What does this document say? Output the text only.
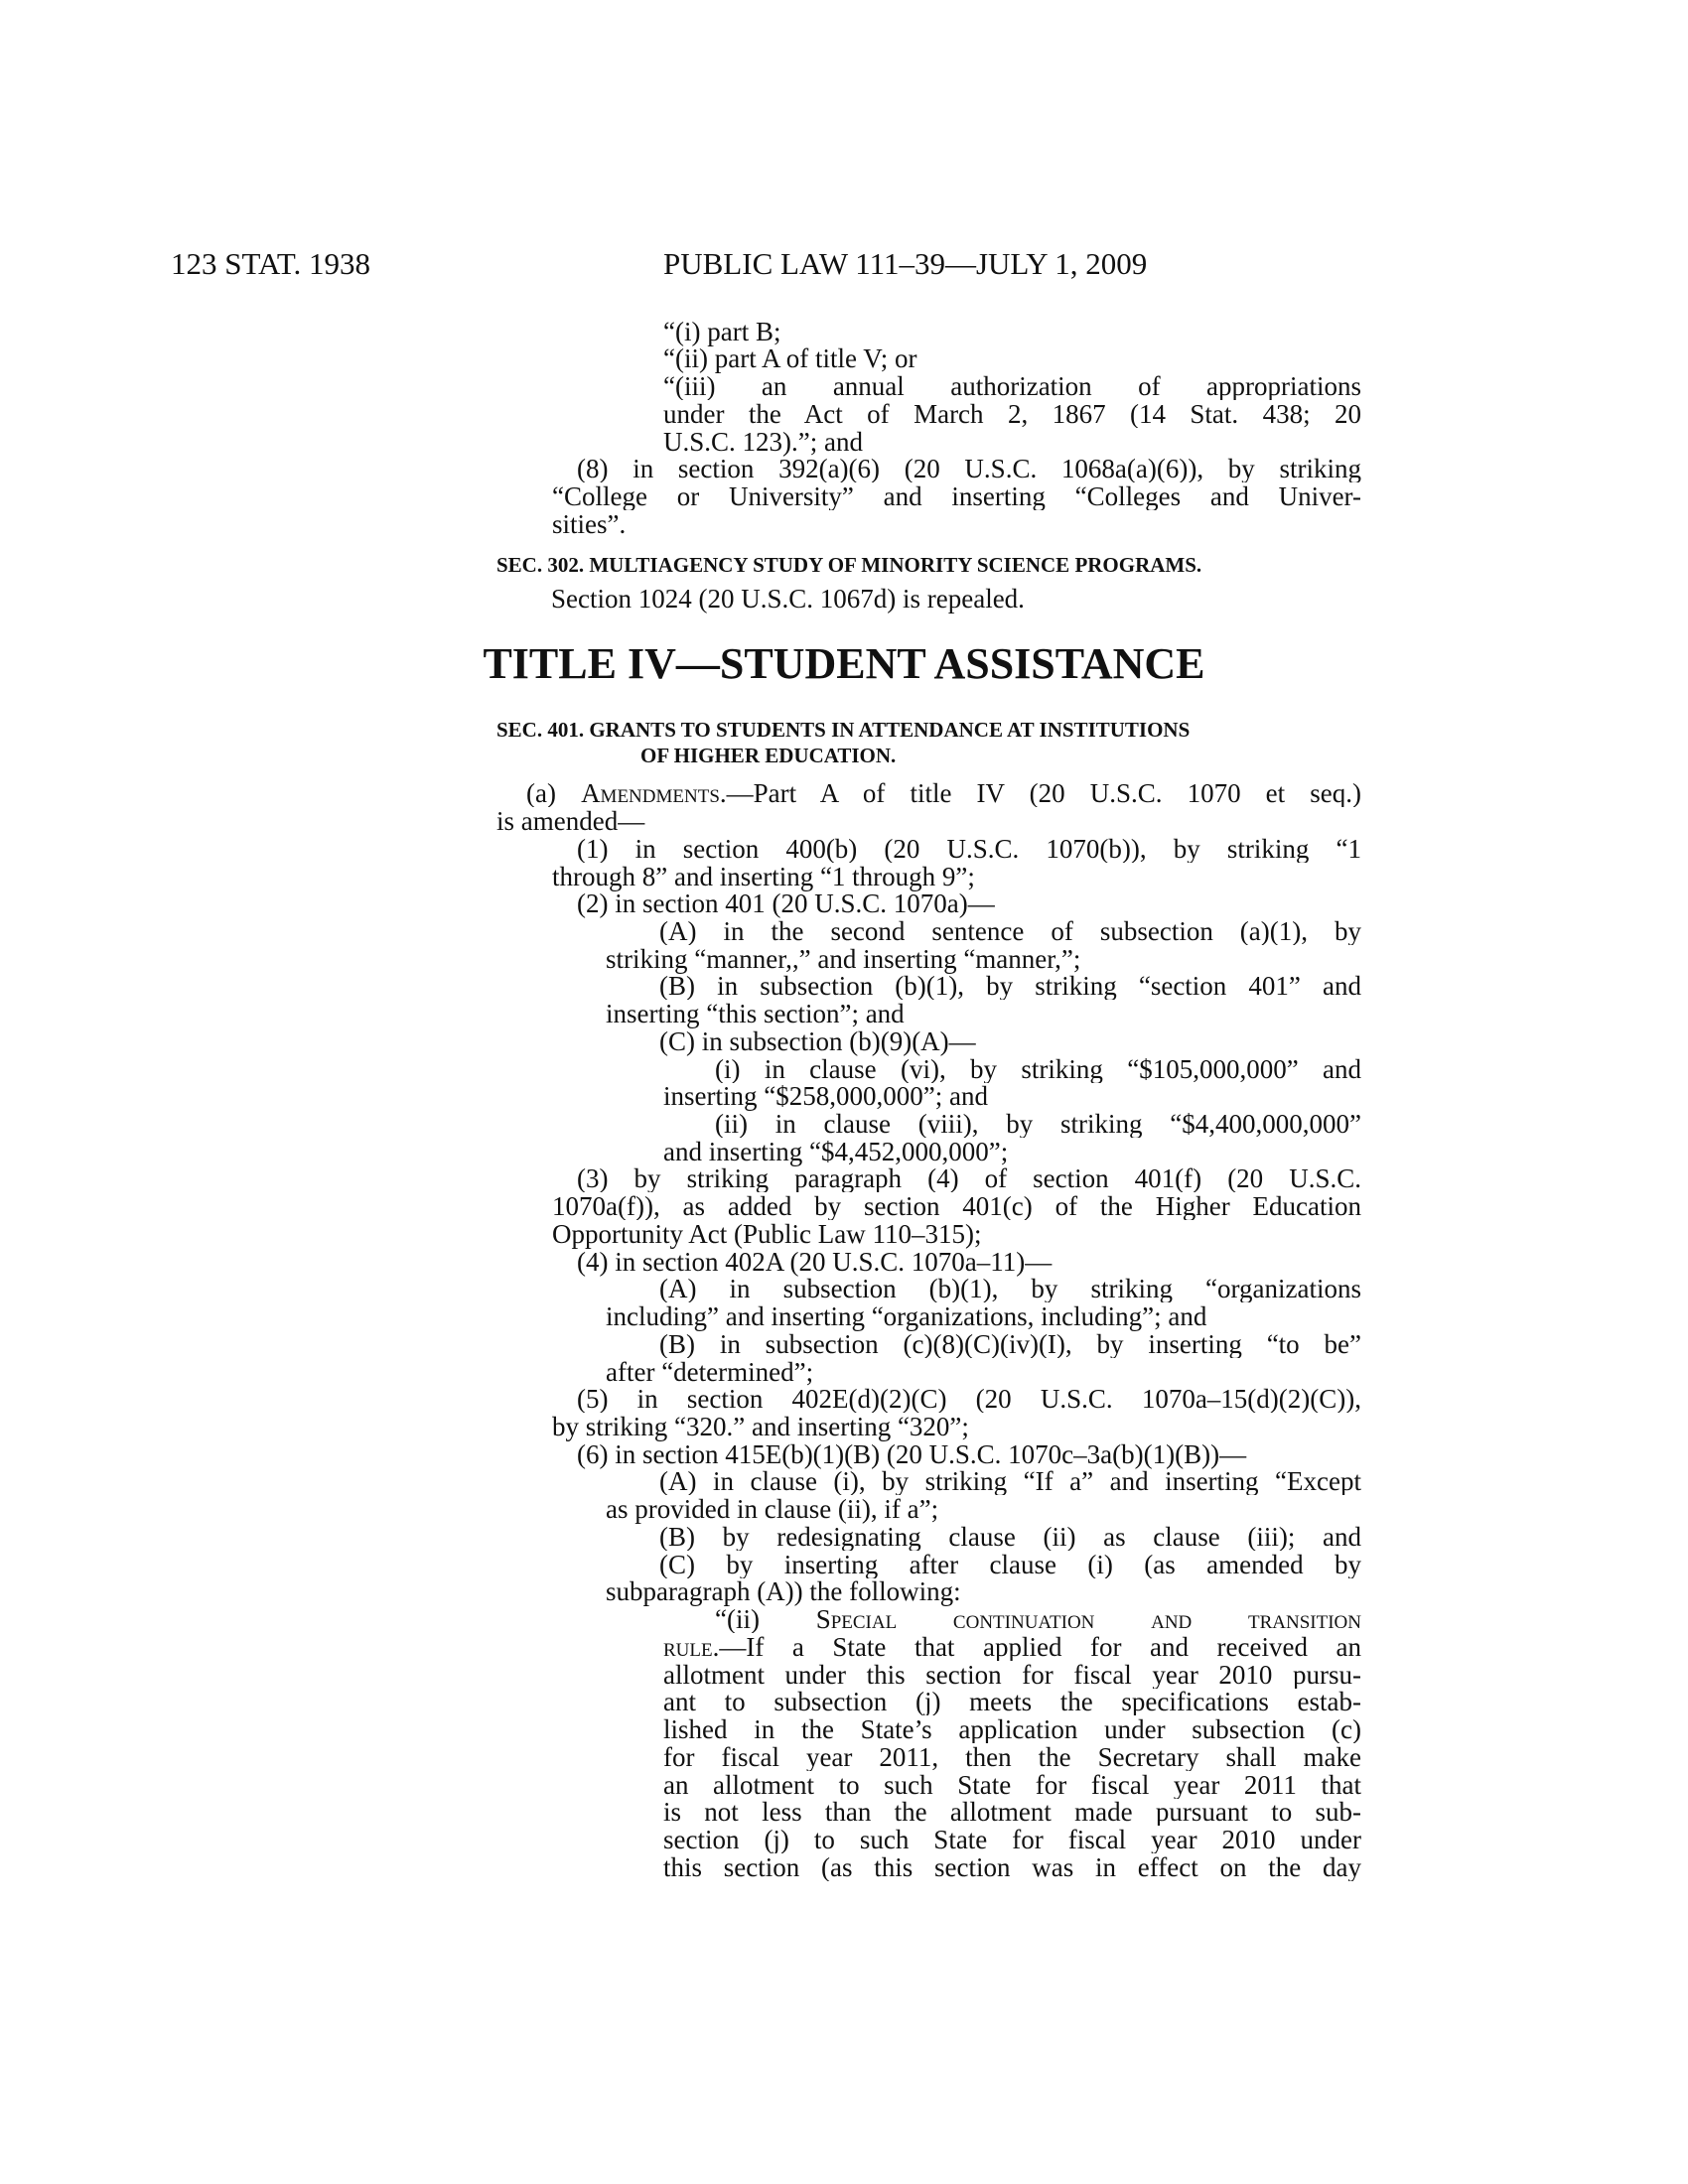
123 STAT. 1938	PUBLIC LAW 111–39—JULY 1, 2009
“(i) part B;
“(ii) part A of title V; or
“(iii) an annual authorization of appropriations
under the Act of March 2, 1867 (14 Stat. 438; 20
U.S.C. 123).”; and
(8) in section 392(a)(6) (20 U.S.C. 1068a(a)(6)), by striking
“College or University” and inserting “Colleges and Univer-
sities”.
SEC. 302. MULTIAGENCY STUDY OF MINORITY SCIENCE PROGRAMS.
Section 1024 (20 U.S.C. 1067d) is repealed.
TITLE IV—STUDENT ASSISTANCE
SEC. 401. GRANTS TO STUDENTS IN ATTENDANCE AT INSTITUTIONS
OF HIGHER EDUCATION.
(a) Amendments.—Part A of title IV (20 U.S.C. 1070 et seq.)
is amended—
(1) in section 400(b) (20 U.S.C. 1070(b)), by striking “1
through 8” and inserting “1 through 9”;
(2) in section 401 (20 U.S.C. 1070a)—
(A) in the second sentence of subsection (a)(1), by
striking “manner,,” and inserting “manner,”;
(B) in subsection (b)(1), by striking “section 401” and
inserting “this section”; and
(C) in subsection (b)(9)(A)—
(i) in clause (vi), by striking “$105,000,000” and
inserting “$258,000,000”; and
(ii) in clause (viii), by striking “$4,400,000,000”
and inserting “$4,452,000,000”;
(3) by striking paragraph (4) of section 401(f) (20 U.S.C.
1070a(f)), as added by section 401(c) of the Higher Education
Opportunity Act (Public Law 110–315);
(4) in section 402A (20 U.S.C. 1070a–11)—
(A) in subsection (b)(1), by striking “organizations
including” and inserting “organizations, including”; and
(B) in subsection (c)(8)(C)(iv)(I), by inserting “to be”
after “determined”;
(5) in section 402E(d)(2)(C) (20 U.S.C. 1070a–15(d)(2)(C)),
by striking “320.” and inserting “320”;
(6) in section 415E(b)(1)(B) (20 U.S.C. 1070c–3a(b)(1)(B))—
(A) in clause (i), by striking “If a” and inserting “Except
as provided in clause (ii), if a”;
(B) by redesignating clause (ii) as clause (iii); and
(C) by inserting after clause (i) (as amended by
subparagraph (A)) the following:
“(ii) Special continuation and transition
rule.—If a State that applied for and received an
allotment under this section for fiscal year 2010 pursu-
ant to subsection (j) meets the specifications estab-
lished in the State’s application under subsection (c)
for fiscal year 2011, then the Secretary shall make
an allotment to such State for fiscal year 2011 that
is not less than the allotment made pursuant to sub-
section (j) to such State for fiscal year 2010 under
this section (as this section was in effect on the day
